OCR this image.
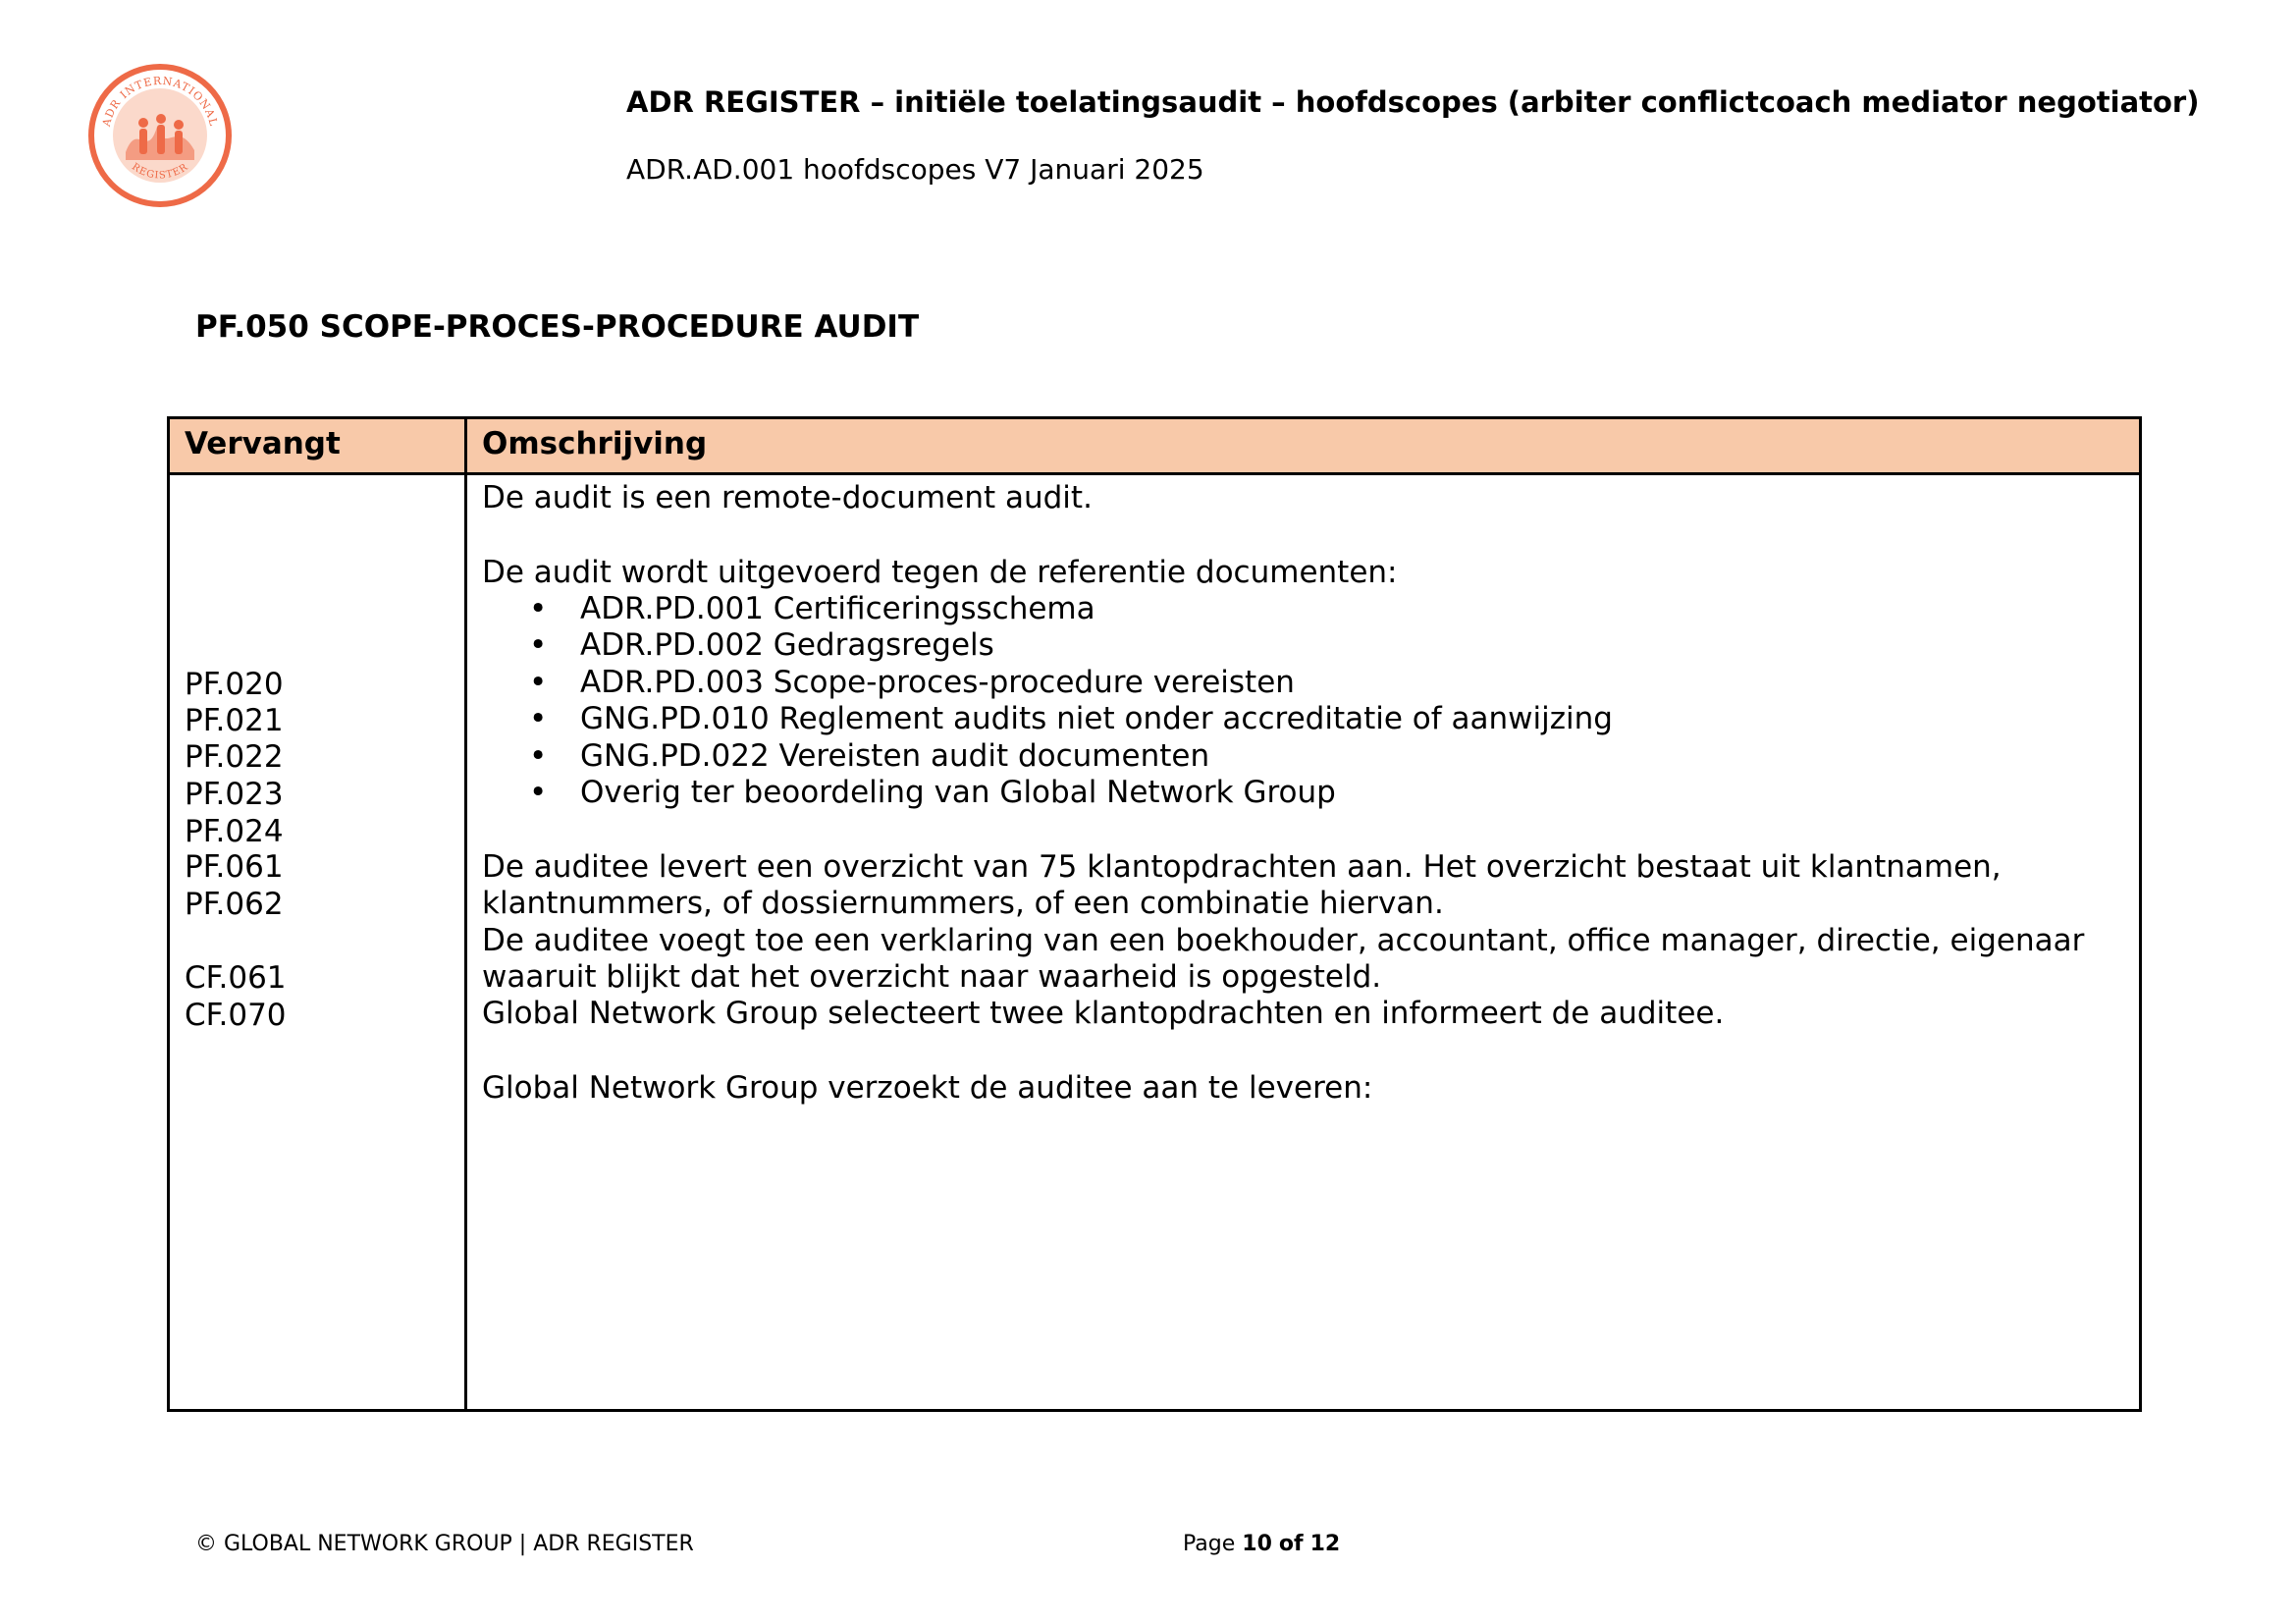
ADR INTERNATIONAL
REGISTER
ADR REGISTER – initiële toelatingsaudit – hoofdscopes (arbiter conflictcoach mediator negotiator)
ADR.AD.001 hoofdscopes V7 Januari 2025
PF.050 SCOPE-PROCES-PROCEDURE AUDIT
Vervangt	Omschrijving
PF.020
PF.021
PF.022
PF.023
PF.024
PF.061
PF.062
CF.061
CF.070
De audit is een remote-document audit.
De audit wordt uitgevoerd tegen de referentie documenten:
• ADR.PD.001 Certificeringsschema
• ADR.PD.002 Gedragsregels
• ADR.PD.003 Scope-proces-procedure vereisten
• GNG.PD.010 Reglement audits niet onder accreditatie of aanwijzing
• GNG.PD.022 Vereisten audit documenten
• Overig ter beoordeling van Global Network Group
De auditee levert een overzicht van 75 klantopdrachten aan. Het overzicht bestaat uit klantnamen,
klantnummers, of dossiernummers, of een combinatie hiervan.
De auditee voegt toe een verklaring van een boekhouder, accountant, office manager, directie, eigenaar
waaruit blijkt dat het overzicht naar waarheid is opgesteld.
Global Network Group selecteert twee klantopdrachten en informeert de auditee.
Global Network Group verzoekt de auditee aan te leveren:
© GLOBAL NETWORK GROUP | ADR REGISTER	Page 10 of 12
